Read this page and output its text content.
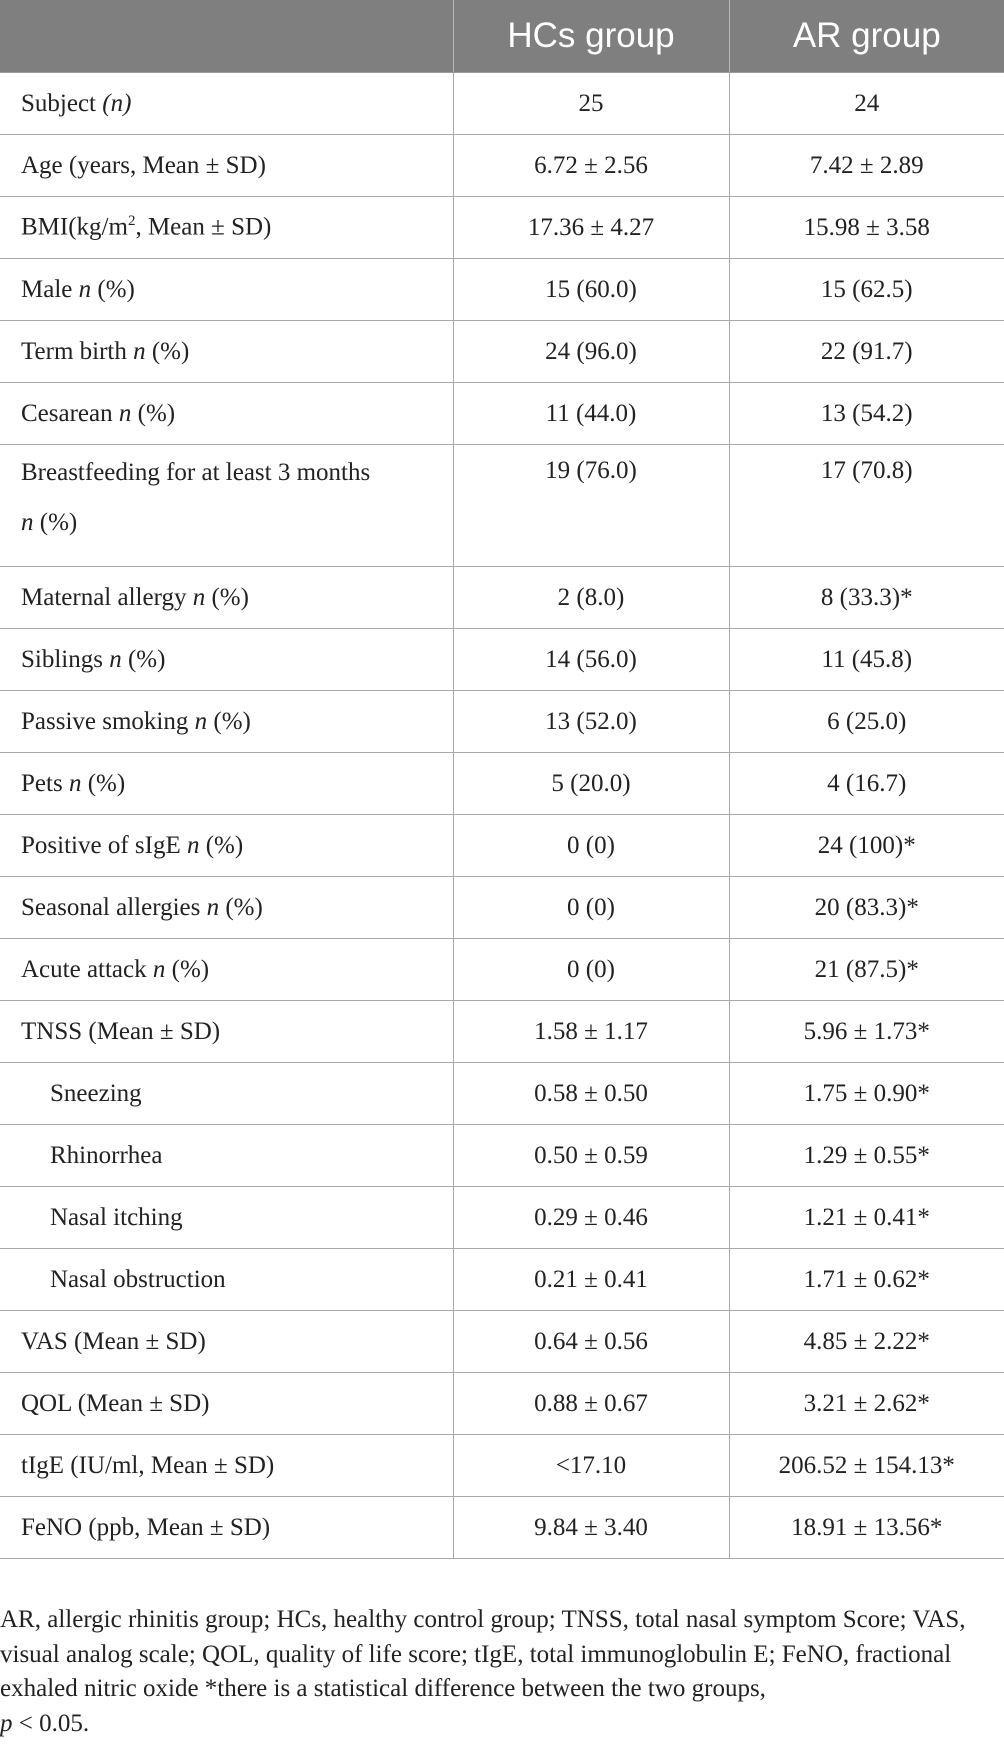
	HCs group	AR group
Subject (n)	25	24
Age (years, Mean ± SD)	6.72 ± 2.56	7.42 ± 2.89
$BMI(kg/m^2$, Mean ± SD)	17.36 ± 4.27	15.98 ± 3.58
Male n (%)	15 (60.0)	15 (62.5)
Term birth n (%)	24 (96.0)	22 (91.7)
Cesarean n (%)	11 (44.0)	13 (54.2)
Breastfeeding for at least 3 months
n (%)	19 (76.0)	17 (70.8)
Maternal allergy n (%)	2 (8.0)	8 (33.3)*
Siblings n (%)	14 (56.0)	11 (45.8)
Passive smoking n (%)	13 (52.0)	6 (25.0)
Pets n (%)	5 (20.0)	4 (16.7)
Positive of sIgE n (%)	0 (0)	24 (100)*
Seasonal allergies n (%)	0 (0)	20 (83.3)*
Acute attack n (%)	0 (0)	21 (87.5)*
TNSS (Mean ± SD)	1.58 ± 1.17	5.96 ± 1.73*
Sneezing	0.58 ± 0.50	1.75 ± 0.90*
Rhinorrhea	0.50 ± 0.59	1.29 ± 0.55*
Nasal itching	0.29 ± 0.46	1.21 ± 0.41*
Nasal obstruction	0.21 ± 0.41	1.71 ± 0.62*
VAS (Mean ± SD)	0.64 ± 0.56	4.85 ± 2.22*
QOL (Mean ± SD)	0.88 ± 0.67	3.21 ± 2.62*
tIgE (IU/ml, Mean ± SD)	<17.10	206.52 ± 154.13*
FeNO (ppb, Mean ± SD)	9.84 ± 3.40	18.91 ± 13.56*

AR, allergic rhinitis group; HCs, healthy control group; TNSS, total nasal symptom Score; VAS, visual analog scale; QOL, quality of life score; tIgE, total immunoglobulin E; FeNO, fractional exhaled nitric oxide *there is a statistical difference between the two groups,
p < 0.05.
